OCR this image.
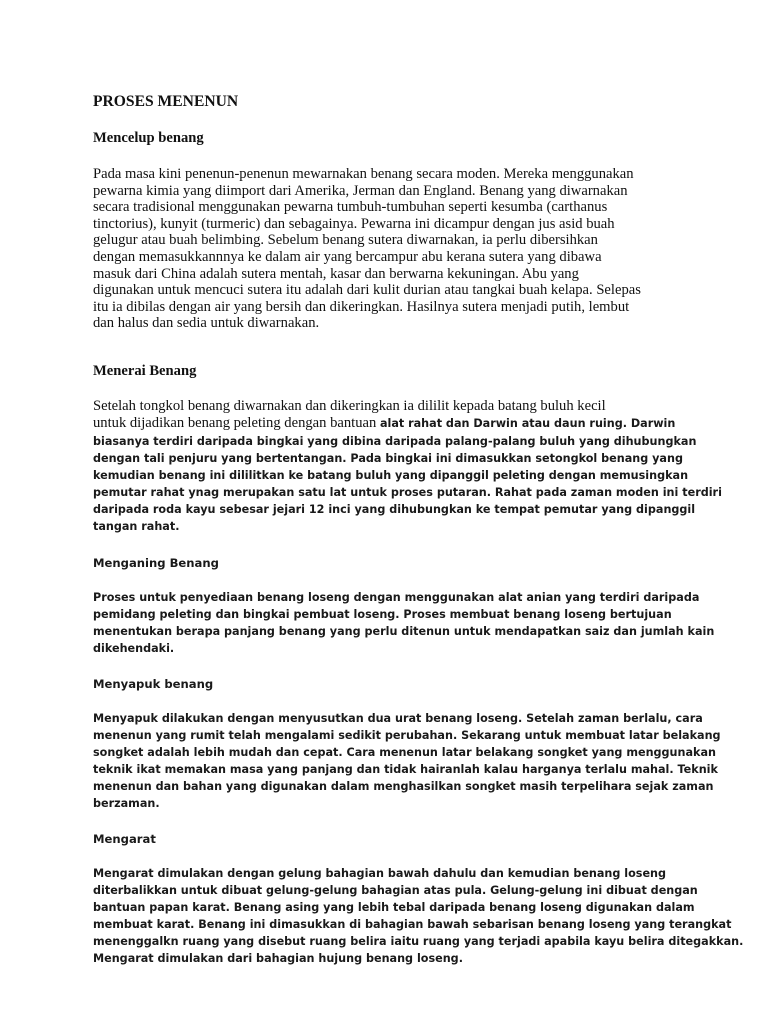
PROSES MENENUN
Mencelup benang
Pada masa kini penenun-penenun mewarnakan benang secara moden. Mereka menggunakan
pewarna kimia yang diimport dari Amerika, Jerman dan England. Benang yang diwarnakan
secara tradisional menggunakan pewarna tumbuh-tumbuhan seperti kesumba (carthanus
tinctorius), kunyit (turmeric) dan sebagainya. Pewarna ini dicampur dengan jus asid buah
gelugur atau buah belimbing. Sebelum benang sutera diwarnakan, ia perlu dibersihkan
dengan memasukkannnya ke dalam air yang bercampur abu kerana sutera yang dibawa
masuk dari China adalah sutera mentah, kasar dan berwarna kekuningan. Abu yang
digunakan untuk mencuci sutera itu adalah dari kulit durian atau tangkai buah kelapa. Selepas
itu ia dibilas dengan air yang bersih dan dikeringkan. Hasilnya sutera menjadi putih, lembut
dan halus dan sedia untuk diwarnakan.
Menerai Benang
Setelah tongkol benang diwarnakan dan dikeringkan ia dililit kepada batang buluh kecil
untuk dijadikan benang peleting dengan bantuan alat rahat dan Darwin atau daun ruing. Darwin
biasanya terdiri daripada bingkai yang dibina daripada palang-palang buluh yang dihubungkan
dengan tali penjuru yang bertentangan. Pada bingkai ini dimasukkan setongkol benang yang
kemudian benang ini dililitkan ke batang buluh yang dipanggil peleting dengan memusingkan
pemutar rahat ynag merupakan satu lat untuk proses putaran. Rahat pada zaman moden ini terdiri
daripada roda kayu sebesar jejari 12 inci yang dihubungkan ke tempat pemutar yang dipanggil
tangan rahat.
Menganing Benang
Proses untuk penyediaan benang loseng dengan menggunakan alat anian yang terdiri daripada
pemidang peleting dan bingkai pembuat loseng. Proses membuat benang loseng bertujuan
menentukan berapa panjang benang yang perlu ditenun untuk mendapatkan saiz dan jumlah kain
dikehendaki.
Menyapuk benang
Menyapuk dilakukan dengan menyusutkan dua urat benang loseng. Setelah zaman berlalu, cara
menenun yang rumit telah mengalami sedikit perubahan. Sekarang untuk membuat latar belakang
songket adalah lebih mudah dan cepat. Cara menenun latar belakang songket yang menggunakan
teknik ikat memakan masa yang panjang dan tidak hairanlah kalau harganya terlalu mahal. Teknik
menenun dan bahan yang digunakan dalam menghasilkan songket masih terpelihara sejak zaman
berzaman.
Mengarat
Mengarat dimulakan dengan gelung bahagian bawah dahulu dan kemudian benang loseng
diterbalikkan untuk dibuat gelung-gelung bahagian atas pula. Gelung-gelung ini dibuat dengan
bantuan papan karat. Benang asing yang lebih tebal daripada benang loseng digunakan dalam
membuat karat. Benang ini dimasukkan di bahagian bawah sebarisan benang loseng yang terangkat
menenggalkn ruang yang disebut ruang belira iaitu ruang yang terjadi apabila kayu belira ditegakkan.
Mengarat dimulakan dari bahagian hujung benang loseng.
